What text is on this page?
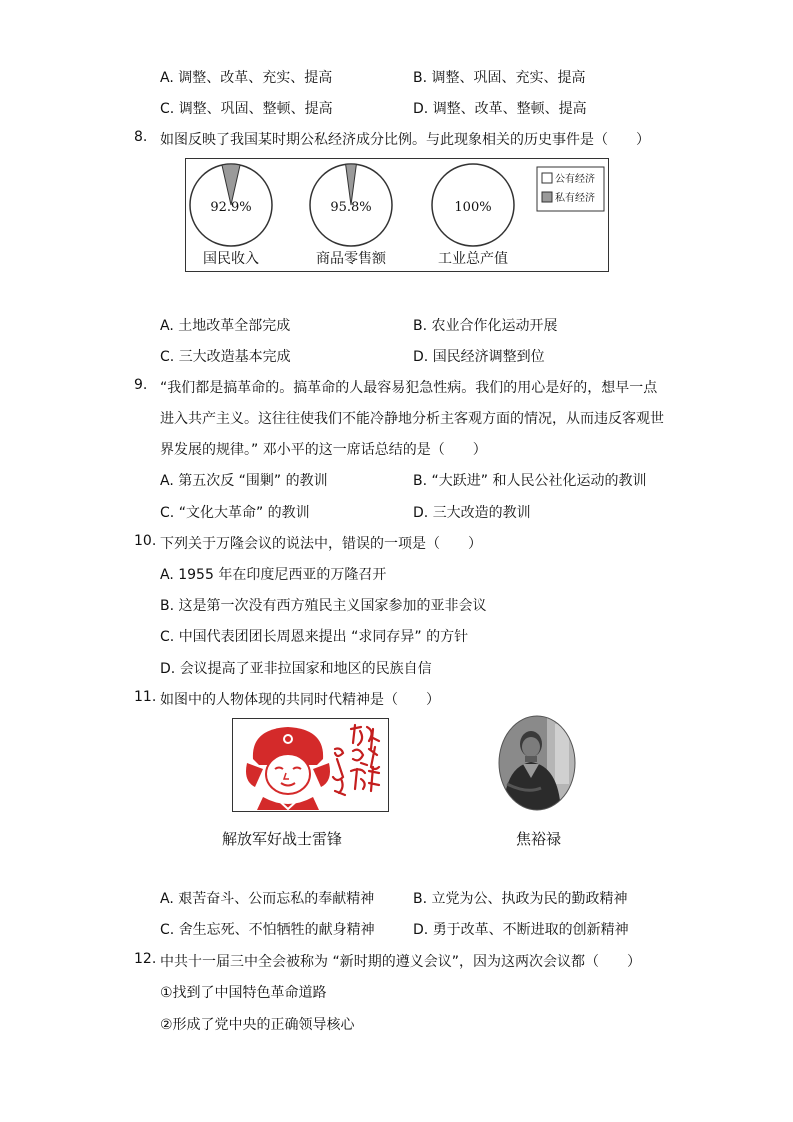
A. 调整、改革、充实、提高	B. 调整、巩固、充实、提高
C. 调整、巩固、整顿、提高	D. 调整、改革、整顿、提高
8. 如图反映了我国某时期公私经济成分比例。与此现象相关的历史事件是（　　）
92.9%
国民收入
95.8%
商品零售额
100%
工业总产值
公有经济
私有经济
A. 土地改革全部完成	B. 农业合作化运动开展
C. 三大改造基本完成	D. 国民经济调整到位
9. “我们都是搞革命的。搞革命的人最容易犯急性病。我们的用心是好的，想早一点
进入共产主义。这往往使我们不能冷静地分析主客观方面的情况，从而违反客观世
界发展的规律。” 邓小平的这一席话总结的是（　　）
A. 第五次反 “围剿” 的教训	B. “大跃进” 和人民公社化运动的教训
C. “文化大革命” 的教训	D. 三大改造的教训
10. 下列关于万隆会议的说法中，错误的一项是（　　）
A. 1955 年在印度尼西亚的万隆召开
B. 这是第一次没有西方殖民主义国家参加的亚非会议
C. 中国代表团团长周恩来提出 “求同存异” 的方针
D. 会议提高了亚非拉国家和地区的民族自信
11. 如图中的人物体现的共同时代精神是（　　）
解放军好战士雷锋	焦裕禄
A. 艰苦奋斗、公而忘私的奉献精神	B. 立党为公、执政为民的勤政精神
C. 舍生忘死、不怕牺牲的献身精神	D. 勇于改革、不断进取的创新精神
12. 中共十一届三中全会被称为 “新时期的遵义会议”，因为这两次会议都（　　）
①找到了中国特色革命道路
②形成了党中央的正确领导核心
